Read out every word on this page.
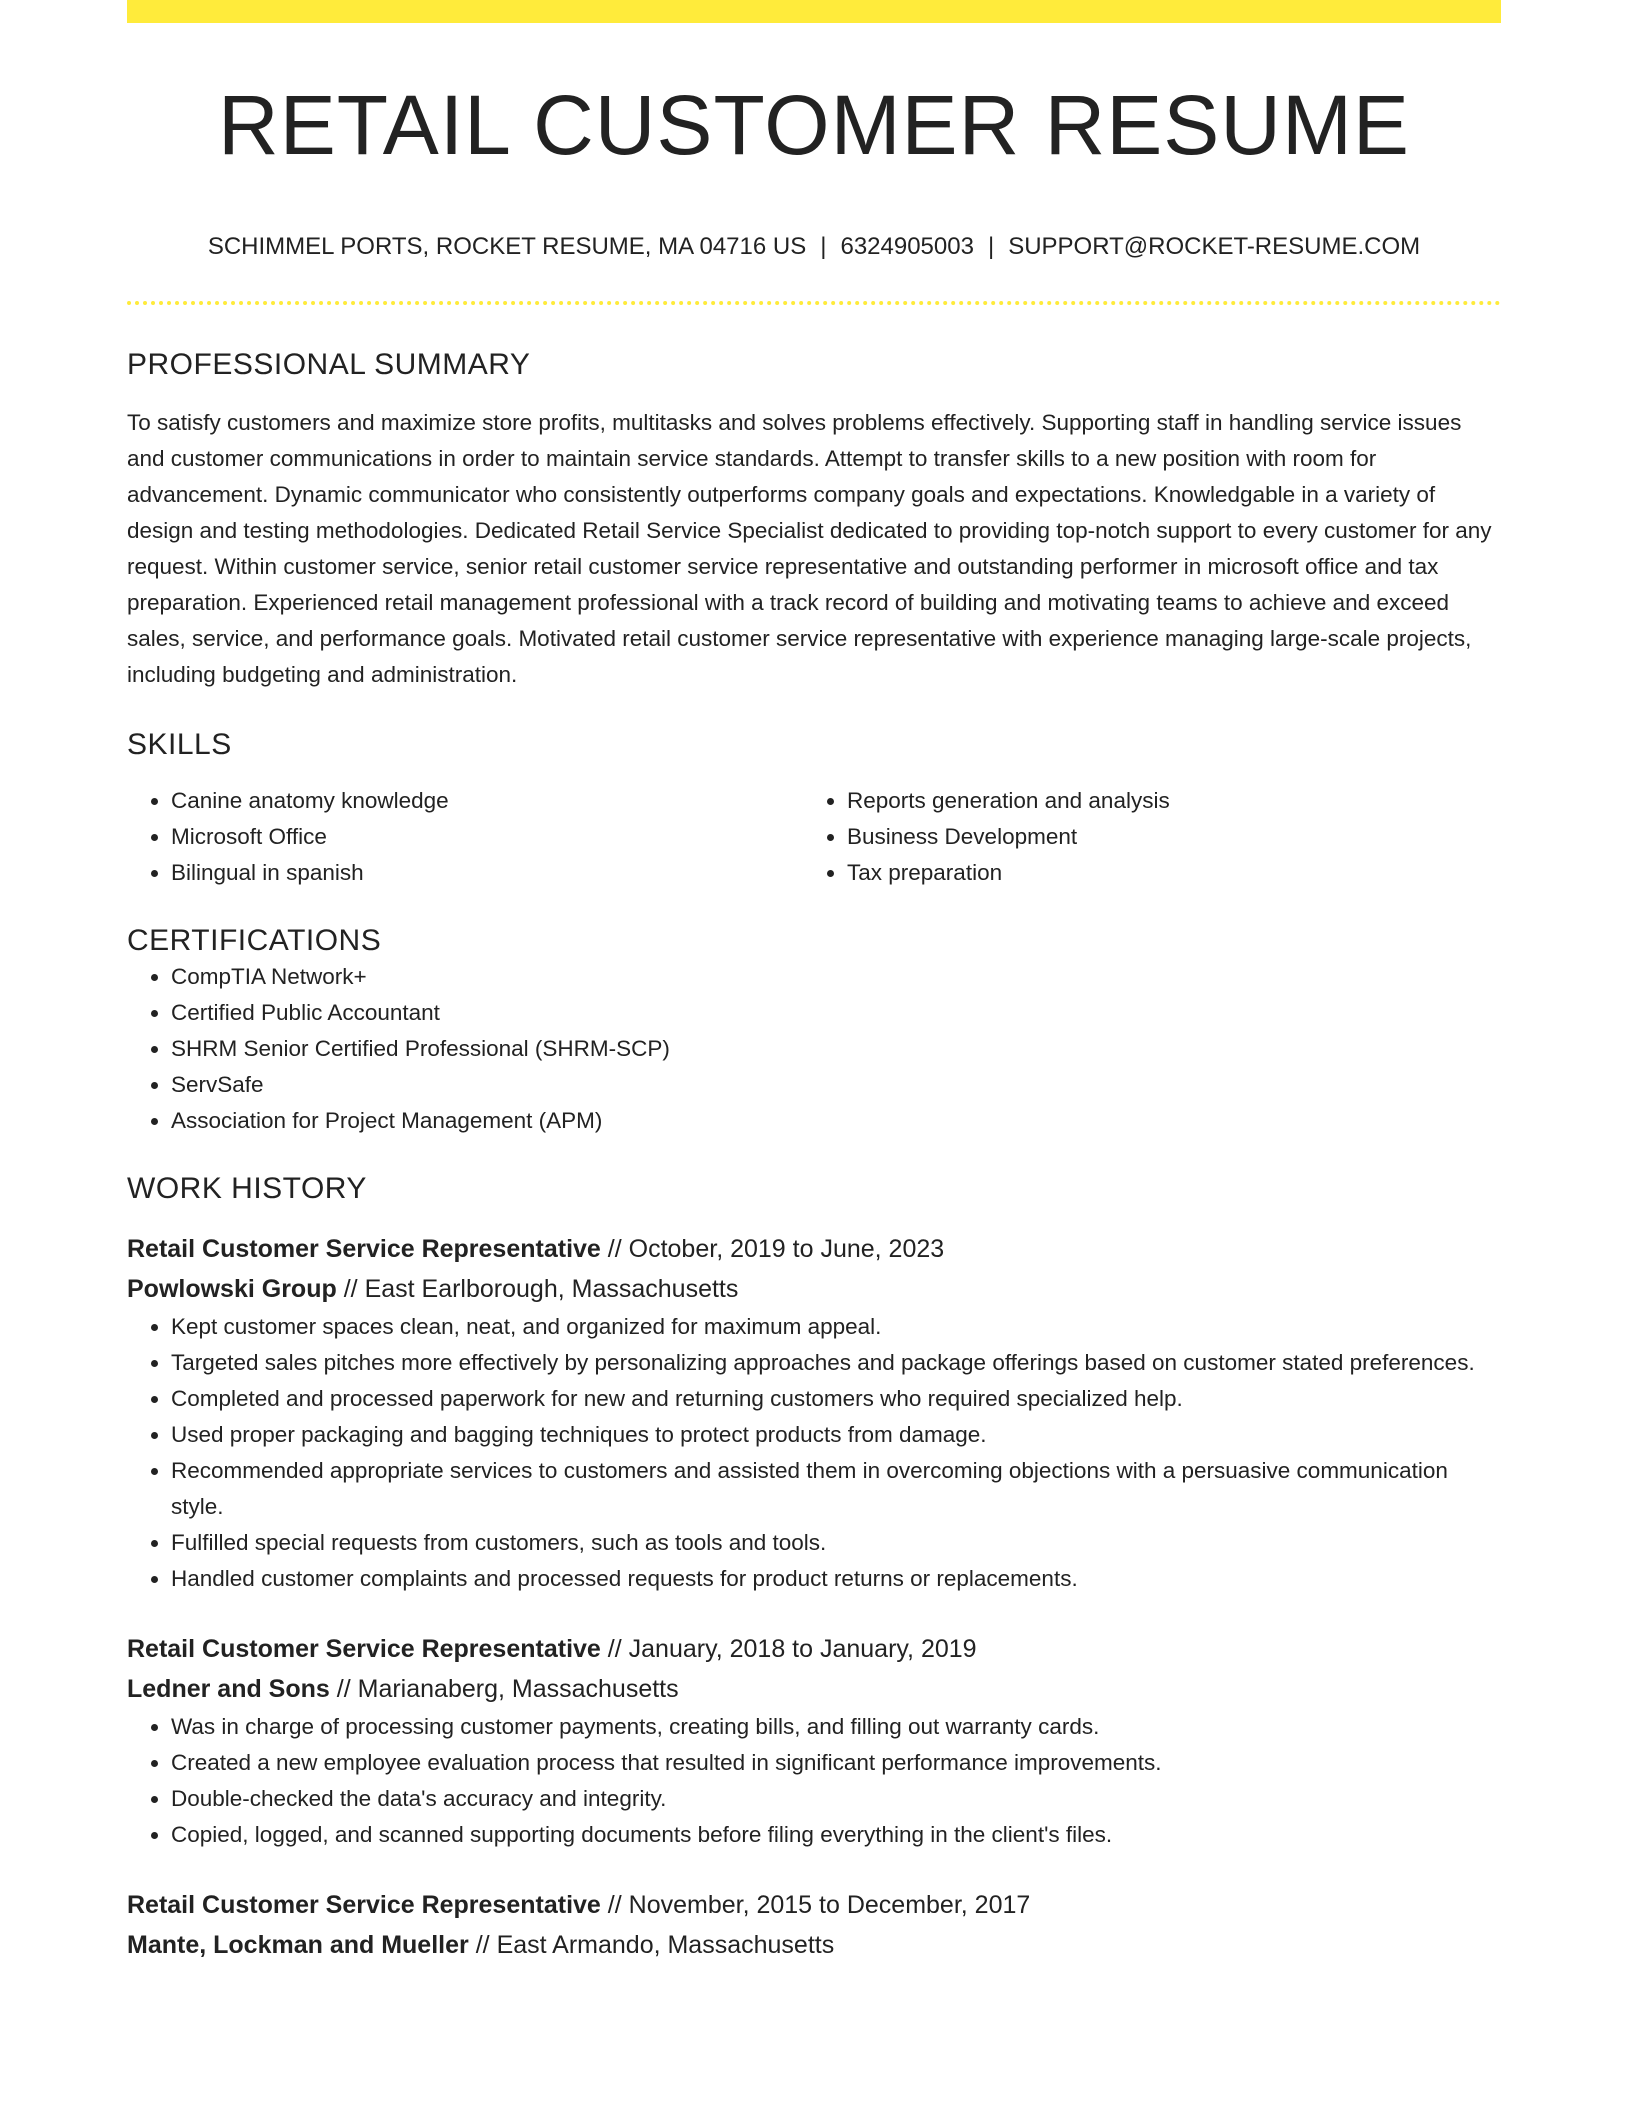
RETAIL CUSTOMER RESUME
SCHIMMEL PORTS, ROCKET RESUME, MA 04716 US | 6324905003 | SUPPORT@ROCKET-RESUME.COM
PROFESSIONAL SUMMARY
To satisfy customers and maximize store profits, multitasks and solves problems effectively. Supporting staff in handling service issues and customer communications in order to maintain service standards. Attempt to transfer skills to a new position with room for advancement. Dynamic communicator who consistently outperforms company goals and expectations. Knowledgable in a variety of design and testing methodologies. Dedicated Retail Service Specialist dedicated to providing top-notch support to every customer for any request. Within customer service, senior retail customer service representative and outstanding performer in microsoft office and tax preparation. Experienced retail management professional with a track record of building and motivating teams to achieve and exceed sales, service, and performance goals. Motivated retail customer service representative with experience managing large-scale projects, including budgeting and administration.
SKILLS
• Canine anatomy knowledge
• Microsoft Office
• Bilingual in spanish
• Reports generation and analysis
• Business Development
• Tax preparation
CERTIFICATIONS
• CompTIA Network+
• Certified Public Accountant
• SHRM Senior Certified Professional (SHRM-SCP)
• ServSafe
• Association for Project Management (APM)
WORK HISTORY
Retail Customer Service Representative // October, 2019 to June, 2023
Powlowski Group // East Earlborough, Massachusetts
• Kept customer spaces clean, neat, and organized for maximum appeal.
• Targeted sales pitches more effectively by personalizing approaches and package offerings based on customer stated preferences.
• Completed and processed paperwork for new and returning customers who required specialized help.
• Used proper packaging and bagging techniques to protect products from damage.
• Recommended appropriate services to customers and assisted them in overcoming objections with a persuasive communication style.
• Fulfilled special requests from customers, such as tools and tools.
• Handled customer complaints and processed requests for product returns or replacements.
Retail Customer Service Representative // January, 2018 to January, 2019
Ledner and Sons // Marianaberg, Massachusetts
• Was in charge of processing customer payments, creating bills, and filling out warranty cards.
• Created a new employee evaluation process that resulted in significant performance improvements.
• Double-checked the data's accuracy and integrity.
• Copied, logged, and scanned supporting documents before filing everything in the client's files.
Retail Customer Service Representative // November, 2015 to December, 2017
Mante, Lockman and Mueller // East Armando, Massachusetts
